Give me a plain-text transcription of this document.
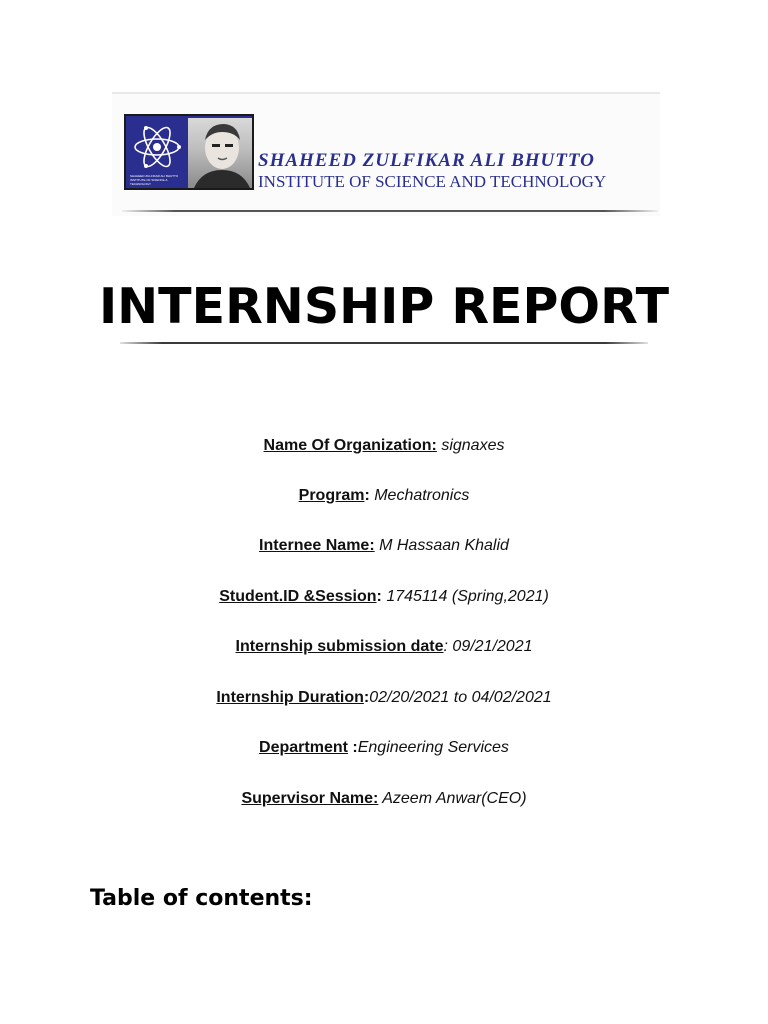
SHAHEED ZULFIKAR ALI BHUTTO INSTITUTE OF SCIENCE & TECHNOLOGY
SHAHEED ZULFIKAR ALI BHUTTO
INSTITUTE OF SCIENCE AND TECHNOLOGY
INTERNSHIP REPORT
Name Of Organization: signaxes
Program: Mechatronics
Internee Name: M Hassaan Khalid
Student.ID &Session: 1745114 (Spring,2021)
Internship submission date: 09/21/2021
Internship Duration:02/20/2021 to 04/02/2021
Department :Engineering Services
Supervisor Name: Azeem Anwar(CEO)
Table of contents:
